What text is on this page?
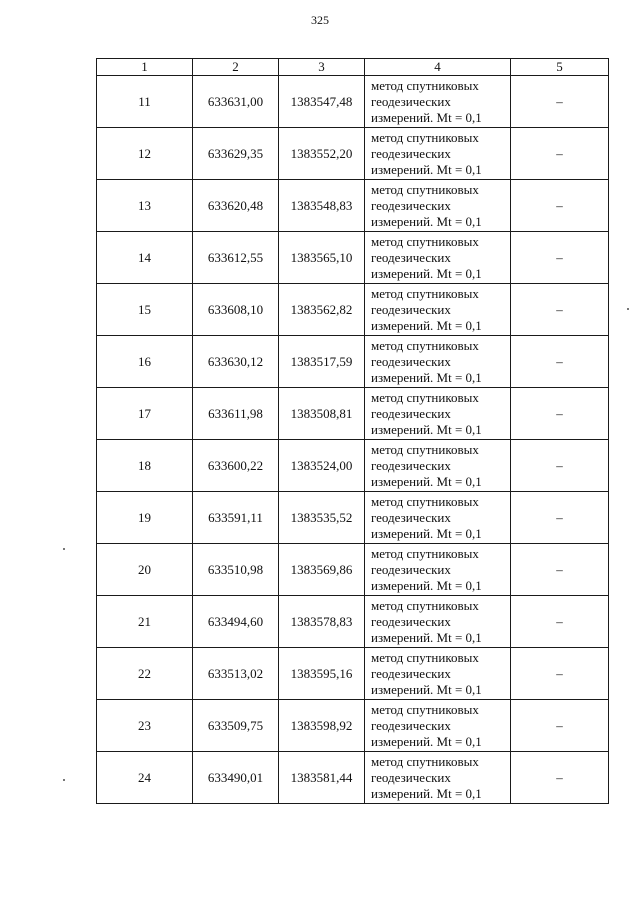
325
1	2	3	4	5
11	633631,00	1383547,48	метод спутниковых
геодезических
измерений. Mt = 0,1	–
12	633629,35	1383552,20	метод спутниковых
геодезических
измерений. Mt = 0,1	–
13	633620,48	1383548,83	метод спутниковых
геодезических
измерений. Mt = 0,1	–
14	633612,55	1383565,10	метод спутниковых
геодезических
измерений. Mt = 0,1	–
15	633608,10	1383562,82	метод спутниковых
геодезических
измерений. Mt = 0,1	–
16	633630,12	1383517,59	метод спутниковых
геодезических
измерений. Mt = 0,1	–
17	633611,98	1383508,81	метод спутниковых
геодезических
измерений. Mt = 0,1	–
18	633600,22	1383524,00	метод спутниковых
геодезических
измерений. Mt = 0,1	–
19	633591,11	1383535,52	метод спутниковых
геодезических
измерений. Mt = 0,1	–
20	633510,98	1383569,86	метод спутниковых
геодезических
измерений. Mt = 0,1	–
21	633494,60	1383578,83	метод спутниковых
геодезических
измерений. Mt = 0,1	–
22	633513,02	1383595,16	метод спутниковых
геодезических
измерений. Mt = 0,1	–
23	633509,75	1383598,92	метод спутниковых
геодезических
измерений. Mt = 0,1	–
24	633490,01	1383581,44	метод спутниковых
геодезических
измерений. Mt = 0,1	–
